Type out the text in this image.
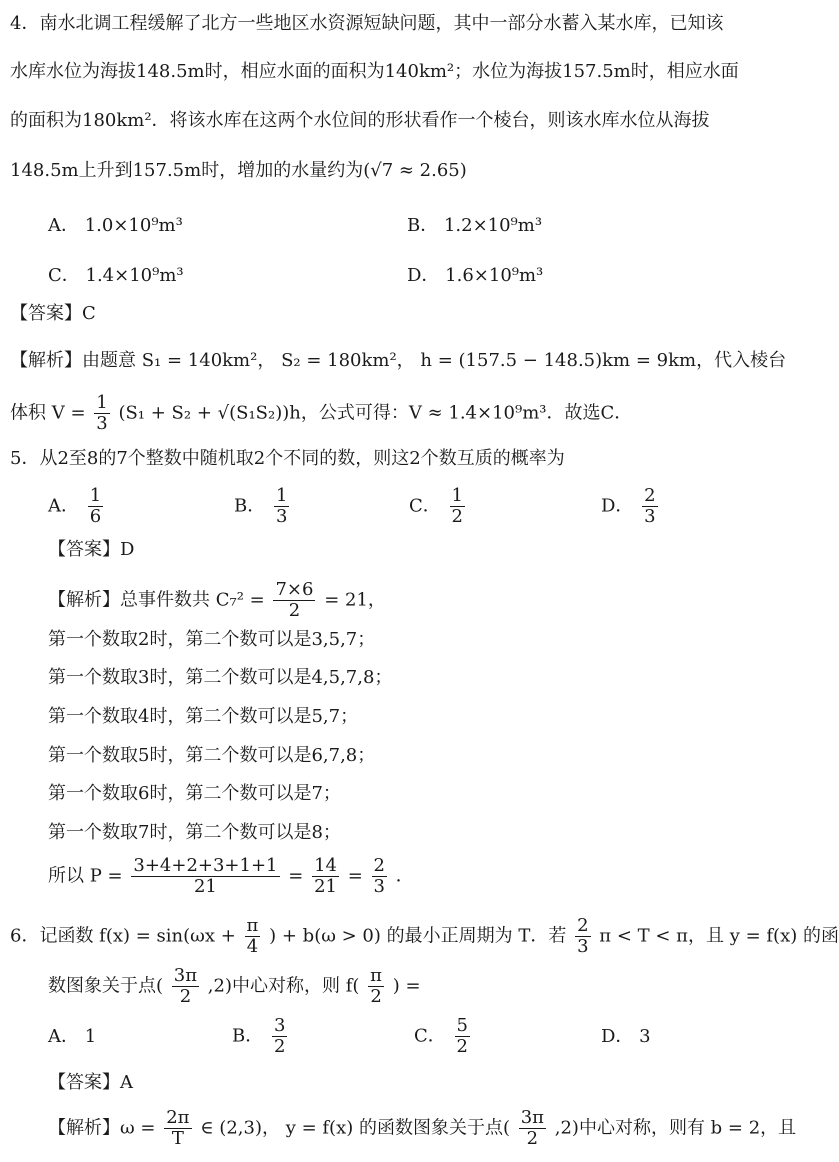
4．南水北调工程缓解了北方一些地区水资源短缺问题，其中一部分水蓄入某水库，已知该
水库水位为海拔148.5m时，相应水面的面积为140km²；水位为海拔157.5m时，相应水面
的面积为180km²．将该水库在这两个水位间的形状看作一个棱台，则该水库水位从海拔
148.5m上升到157.5m时，增加的水量约为(√7 ≈ 2.65)
A． 1.0×10⁹m³	B． 1.2×10⁹m³
C． 1.4×10⁹m³	D． 1.6×10⁹m³
【答案】C
【解析】由题意 S₁ = 140km²， S₂ = 180km²， h = (157.5 − 148.5)km = 9km，代入棱台
体积 $V = \frac{1}{3} (S_1 + S_2 + √(S_1S_2))h$，公式可得：V ≈ 1.4×10⁹m³．故选C．
5．从2至8的7个整数中随机取2个不同的数，则这2个数互质的概率为
A． $\frac{1}{6}$	B． $\frac{1}{3}$	C． $\frac{1}{2}$	D． $\frac{2}{3}$
【答案】D
【解析】总事件数共 $C_7^2 = \frac{7\times 6}{2} = 21$，
第一个数取2时，第二个数可以是3,5,7；
第一个数取3时，第二个数可以是4,5,7,8；
第一个数取4时，第二个数可以是5,7；
第一个数取5时，第二个数可以是6,7,8；
第一个数取6时，第二个数可以是7；
第一个数取7时，第二个数可以是8；
所以 $P = \frac{3+4+2+3+1+1}{21} = \frac{14}{21} = \frac{2}{3}$ ．
6．记函数 $f(x) = \sin(\omega x + \frac{\pi}{4}$ ) + b(ω > 0) 的最小正周期为 T．若 $\frac{2}{3}$ π < T < π，且 y = f(x) 的函
数图象关于点( $\frac{3\pi}{2} ,2$)中心对称，则 $f( \frac{\pi}{2}$ ) =
A． 1	B． $\frac{3}{2}$	C． $\frac{5}{2}$	D． 3
【答案】A
【解析】$\omega = \frac{2\pi}{T}$ ∈ (2,3)， y = f(x) 的函数图象关于点( $\frac{3\pi}{2} ,2$)中心对称，则有 b = 2，且
